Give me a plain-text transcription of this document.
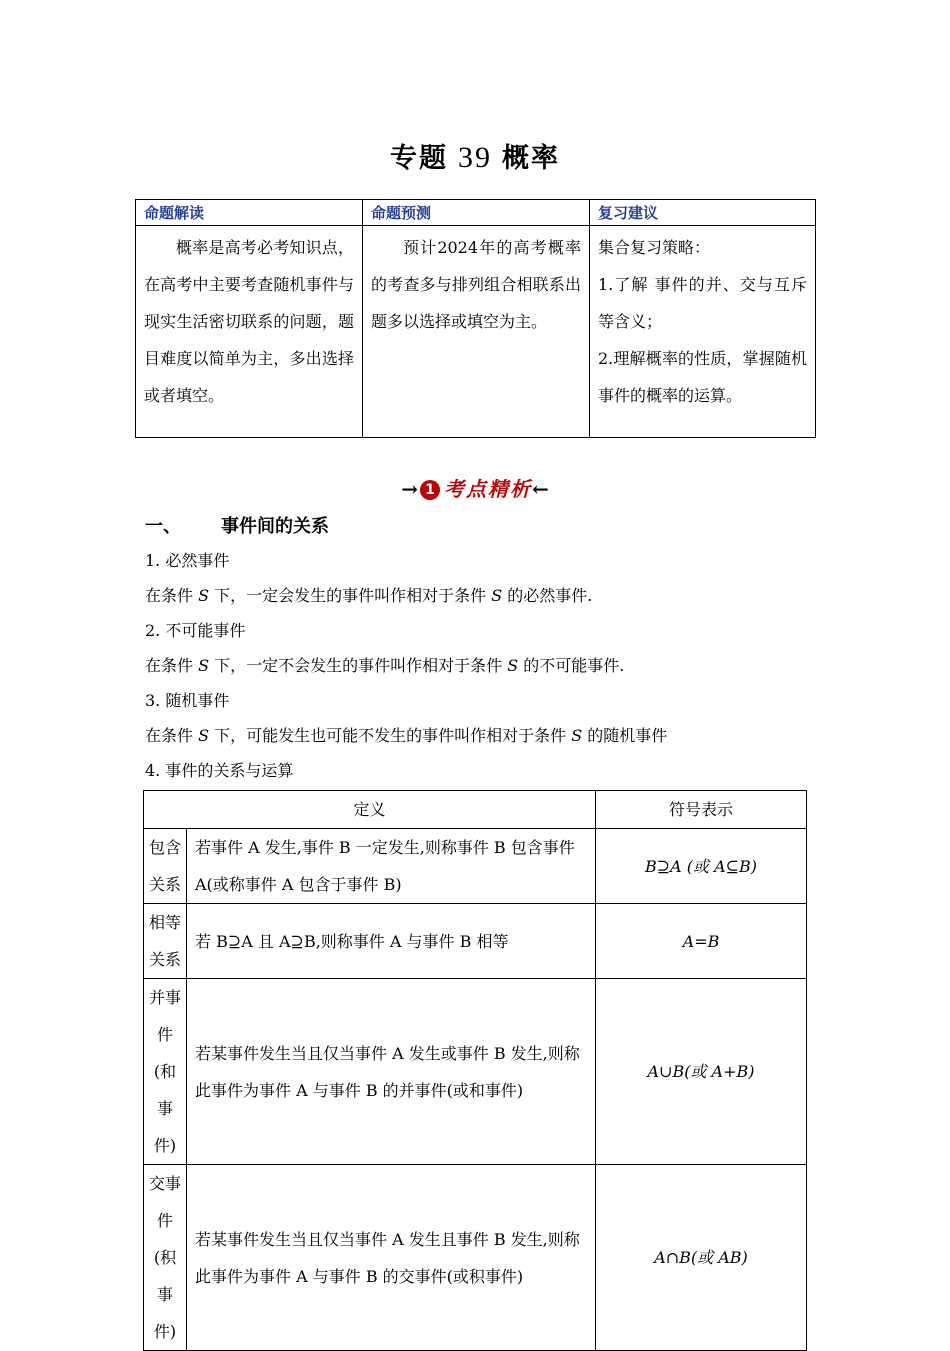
专题 39 概率
命题解读	命题预测	复习建议
概率是高考必考知识点，在高考中主要考查随机事件与现实生活密切联系的问题，题目难度以简单为主，多出选择或者填空。	预计2024年的高考概率的考查多与排列组合相联系出题多以选择或填空为主。	集合复习策略：

1.了解 事件的并、交与互斥等含义；

2.理解概率的性质，掌握随机事件的概率的运算。

→ 1 考点精析←
一、 事件间的关系
1. 必然事件
在条件 S 下，一定会发生的事件叫作相对于条件 S 的必然事件.
2. 不可能事件
在条件 S 下，一定不会发生的事件叫作相对于条件 S 的不可能事件.
3. 随机事件
在条件 S 下，可能发生也可能不发生的事件叫作相对于条件 S 的随机事件
4. 事件的关系与运算
定义		符号表示
包含关系	若事件 A 发生,事件 B 一定发生,则称事件 B 包含事件 A(或称事件 A 包含于事件 B)	B⊇A (或 A⊆B)
相等关系	若 B⊇A 且 A⊇B,则称事件 A 与事件 B 相等	A=B
并事件(和事件)	若某事件发生当且仅当事件 A 发生或事件 B 发生,则称此事件为事件 A 与事件 B 的并事件(或和事件)	A∪B(或 A+B)
交事件(积事件)	若某事件发生当且仅当事件 A 发生且事件 B 发生,则称此事件为事件 A 与事件 B 的交事件(或积事件)	A∩B(或 AB)
